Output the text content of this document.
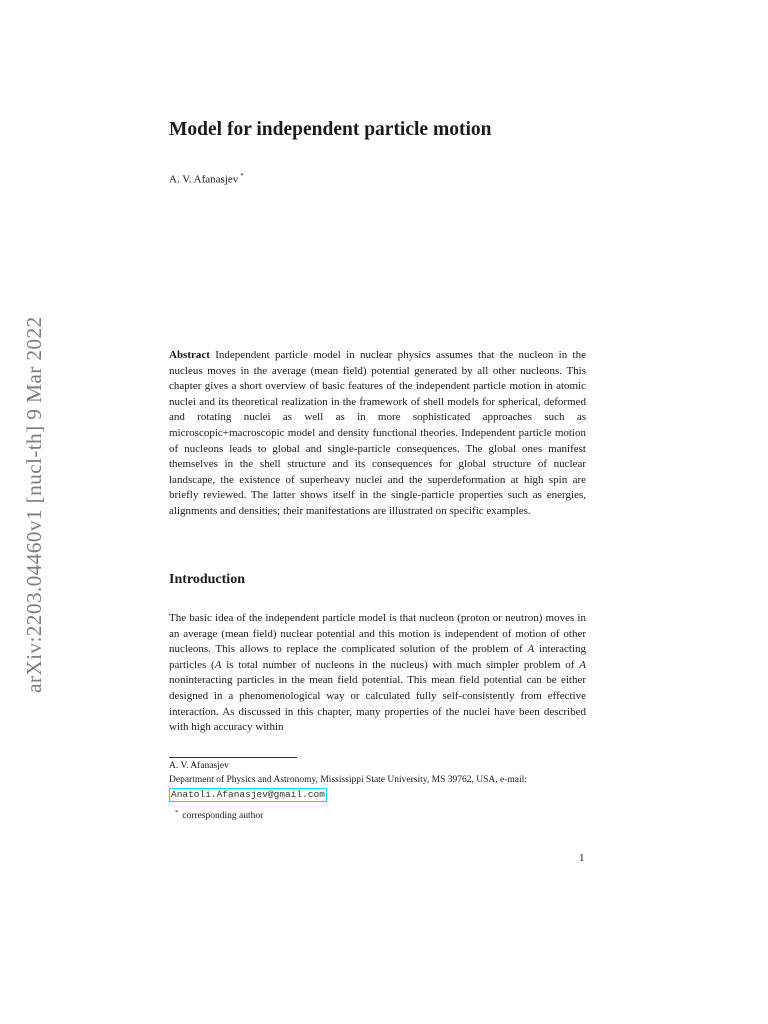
arXiv:2203.04460v1 [nucl-th] 9 Mar 2022
Model for independent particle motion
A. V. Afanasjev *

Abstract Independent particle model in nuclear physics assumes that the nucleon in the nucleus moves in the average (mean field) potential generated by all other nucleons. This chapter gives a short overview of basic features of the independent particle motion in atomic nuclei and its theoretical realization in the framework of shell models for spherical, deformed and rotating nuclei as well as in more sophisticated approaches such as microscopic+macroscopic model and density functional theories. Independent particle motion of nucleons leads to global and single-particle consequences. The global ones manifest themselves in the shell structure and its consequences for global structure of nuclear landscape, the existence of superheavy nuclei and the superdeformation at high spin are briefly reviewed. The latter shows itself in the single-particle properties such as energies, alignments and densities; their manifestations are illustrated on specific examples.

Introduction

The basic idea of the independent particle model is that nucleon (proton or neutron) moves in an average (mean field) nuclear potential and this motion is independent of motion of other nucleons. This allows to replace the complicated solution of the problem of A interacting particles (A is total number of nucleons in the nucleus) with much simpler problem of A noninteracting particles in the mean field potential. This mean field potential can be either designed in a phenomenological way or calculated fully self-consistently from effective interaction. As discussed in this chapter, many properties of the nuclei have been described with high accuracy within

A. V. Afanasjev
Department of Physics and Astronomy, Mississippi State University, MS 39762, USA, e-mail:
Anatoli.Afanasjev@gmail.com
* corresponding author
1
